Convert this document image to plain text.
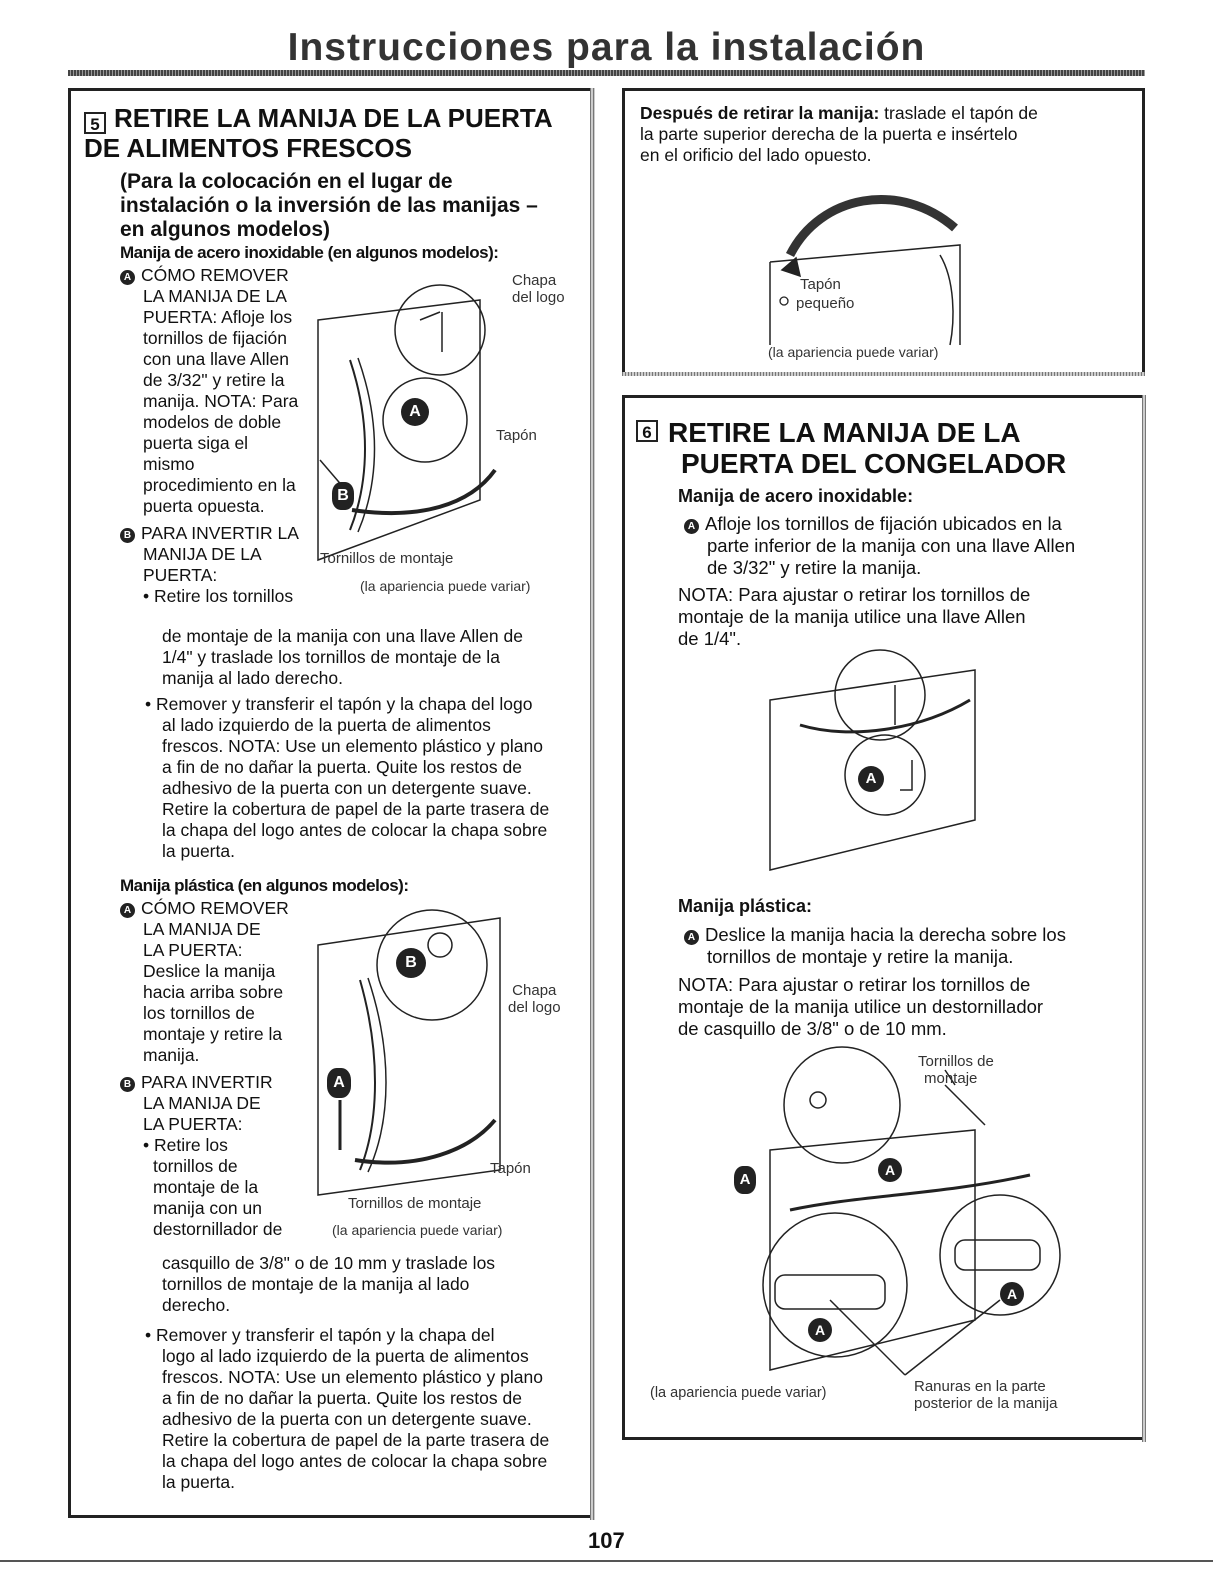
Instrucciones para la instalación
5 RETIRE LA MANIJA DE LA PUERTA DE ALIMENTOS FRESCOS
(Para la colocación en el lugar de instalación o la inversión de las manijas – en algunos modelos)
Manija de acero inoxidable (en algunos modelos):
A CÓMO REMOVER
LA MANIJA DE LA
PUERTA: Afloje los
tornillos de fijación
con una llave Allen
de 3/32" y retire la
manija. NOTA: Para
modelos de doble
puerta siga el
mismo
procedimiento en la
puerta opuesta.
B PARA INVERTIR LA
MANIJA DE LA
PUERTA:
• Retire los tornillos
de montaje de la manija con una llave Allen de
1/4" y traslade los tornillos de montaje de la
manija al lado derecho.
• Remover y transferir el tapón y la chapa del logo
al lado izquierdo de la puerta de alimentos
frescos. NOTA: Use un elemento plástico y plano
a fin de no dañar la puerta. Quite los restos de
adhesivo de la puerta con un detergente suave.
Retire la cobertura de papel de la parte trasera de
la chapa del logo antes de colocar la chapa sobre
la puerta.
A
B
Chapa
del logo
Tapón
Tornillos de montaje
(la apariencia puede variar)
Manija plástica (en algunos modelos):
A CÓMO REMOVER
LA MANIJA DE
LA PUERTA:
Deslice la manija
hacia arriba sobre
los tornillos de
montaje y retire la
manija.
B PARA INVERTIR
LA MANIJA DE
LA PUERTA:
• Retire los
tornillos de
montaje de la
manija con un
destornillador de
casquillo de 3/8" o de 10 mm y traslade los
tornillos de montaje de la manija al lado
derecho.
• Remover y transferir el tapón y la chapa del
logo al lado izquierdo de la puerta de alimentos
frescos. NOTA: Use un elemento plástico y plano
a fin de no dañar la puerta. Quite los restos de
adhesivo de la puerta con un detergente suave.
Retire la cobertura de papel de la parte trasera de
la chapa del logo antes de colocar la chapa sobre
la puerta.
B
A
Chapa
del logo
Tapón
Tornillos de montaje
(la apariencia puede variar)
Después de retirar la manija: traslade el tapón de
la parte superior derecha de la puerta e insértelo
en el orificio del lado opuesto.
Tapón
pequeño
(la apariencia puede variar)
6 RETIRE LA MANIJA DE LA
PUERTA DEL CONGELADOR
Manija de acero inoxidable:
A Afloje los tornillos de fijación ubicados en la
parte inferior de la manija con una llave Allen
de 3/32" y retire la manija.
NOTA: Para ajustar o retirar los tornillos de
montaje de la manija utilice una llave Allen
de 1/4".
A
Manija plástica:
A Deslice la manija hacia la derecha sobre los
tornillos de montaje y retire la manija.
NOTA: Para ajustar o retirar los tornillos de
montaje de la manija utilice un destornillador
de casquillo de 3/8" o de 10 mm.
A
A
A
A
Tornillos de
montaje
(la apariencia puede variar)	Ranuras en la parte
posterior de la manija
107
